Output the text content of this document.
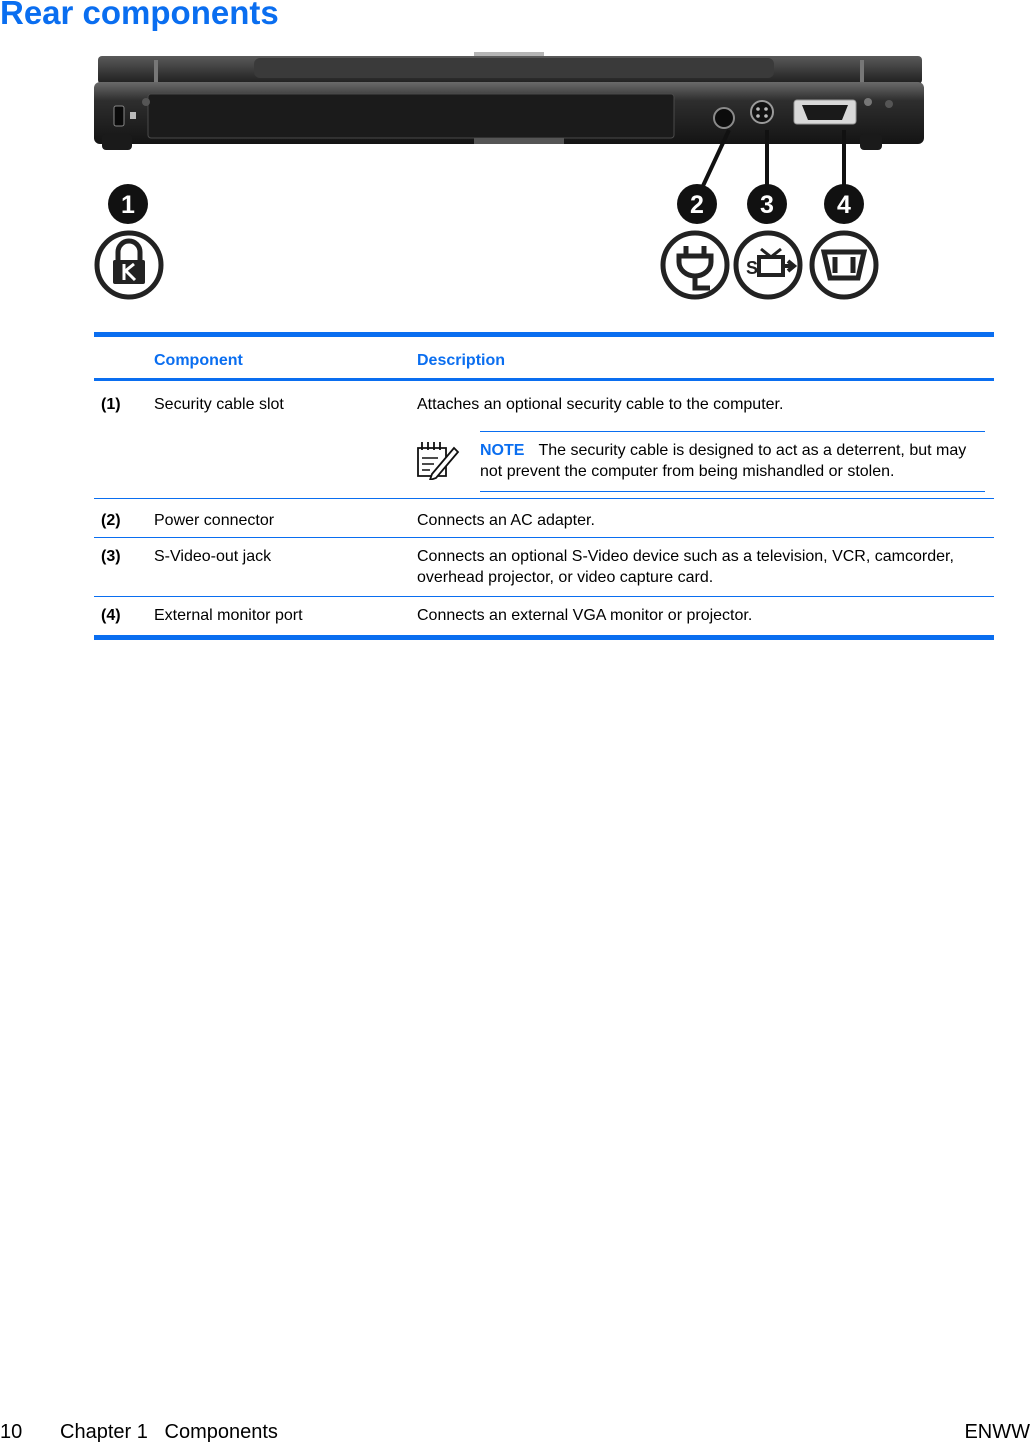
Rear components
1	2 3	4
S
Component	Description
(1) Security cable slot	Attaches an optional security cable to the computer.
NOTE The security cable is designed to act as a deterrent, but may not prevent the computer from being mishandled or stolen.
(2) Power connector	Connects an AC adapter.
(3) S-Video-out jack	Connects an optional S-Video device such as a television, VCR, camcorder, overhead projector, or video capture card.
(4) External monitor port	Connects an external VGA monitor or projector.
10 Chapter 1   Components	ENWW
